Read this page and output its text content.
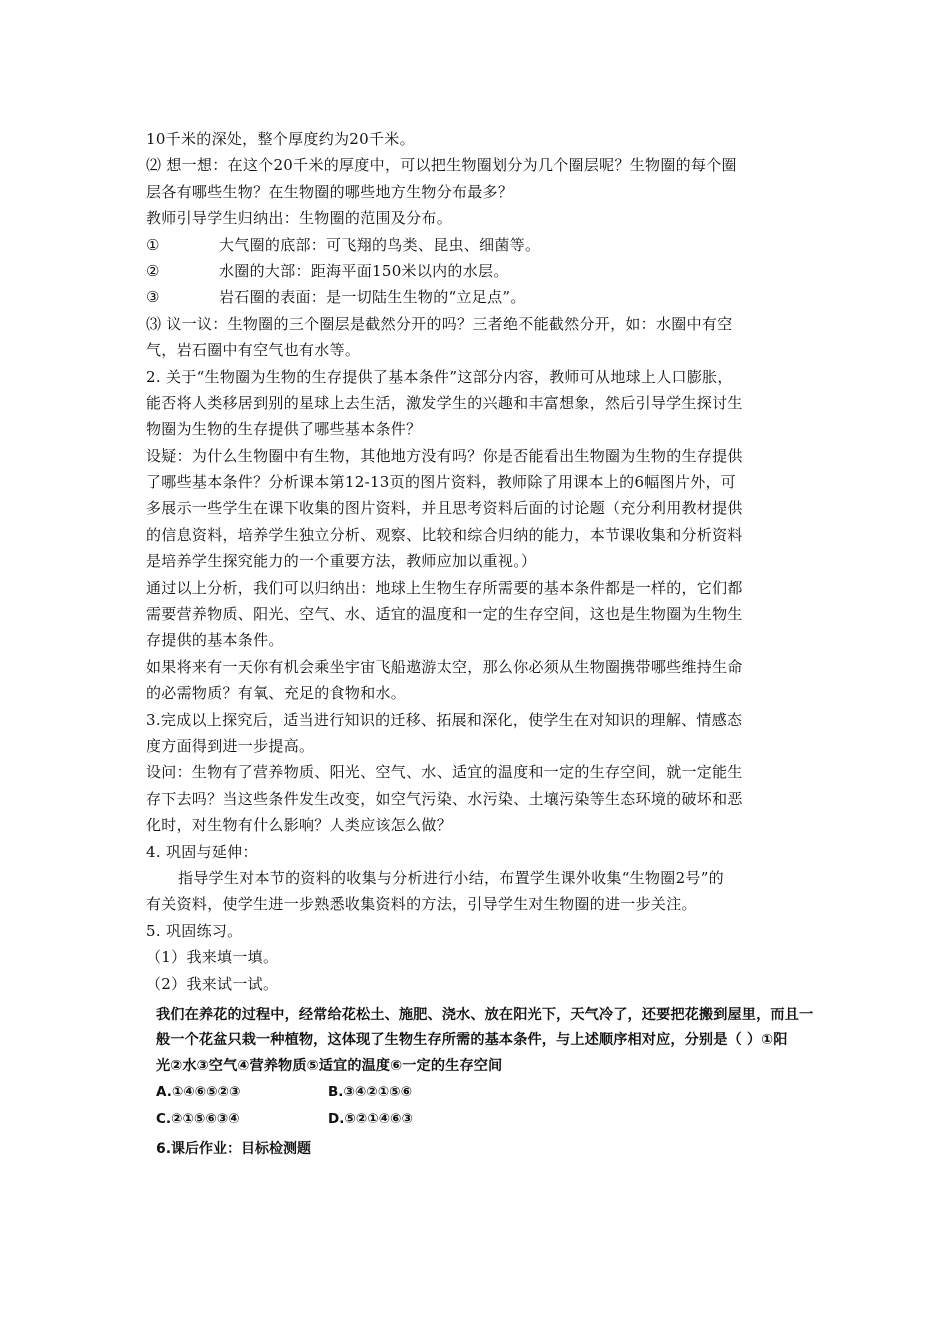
10千米的深处，整个厚度约为20千米。
⑵ 想一想：在这个20千米的厚度中，可以把生物圈划分为几个圈层呢？生物圈的每个圈
层各有哪些生物？在生物圈的哪些地方生物分布最多？
教师引导学生归纳出：生物圈的范围及分布。
①	大气圈的底部：可飞翔的鸟类、昆虫、细菌等。
②	水圈的大部：距海平面150米以内的水层。
③	岩石圈的表面：是一切陆生生物的“立足点”。
⑶ 议一议：生物圈的三个圈层是截然分开的吗？三者绝不能截然分开，如：水圈中有空
气，岩石圈中有空气也有水等。
2. 关于“生物圈为生物的生存提供了基本条件”这部分内容，教师可从地球上人口膨胀，
能否将人类移居到别的星球上去生活，激发学生的兴趣和丰富想象，然后引导学生探讨生
物圈为生物的生存提供了哪些基本条件？
设疑：为什么生物圈中有生物，其他地方没有吗？你是否能看出生物圈为生物的生存提供
了哪些基本条件？分析课本第12-13页的图片资料，教师除了用课本上的6幅图片外，可
多展示一些学生在课下收集的图片资料，并且思考资料后面的讨论题（充分利用教材提供
的信息资料，培养学生独立分析、观察、比较和综合归纳的能力，本节课收集和分析资料
是培养学生探究能力的一个重要方法，教师应加以重视。）
通过以上分析，我们可以归纳出：地球上生物生存所需要的基本条件都是一样的，它们都
需要营养物质、阳光、空气、水、适宜的温度和一定的生存空间，这也是生物圈为生物生
存提供的基本条件。
如果将来有一天你有机会乘坐宇宙飞船遨游太空，那么你必须从生物圈携带哪些维持生命
的必需物质？有氧、充足的食物和水。
3.完成以上探究后，适当进行知识的迁移、拓展和深化，使学生在对知识的理解、情感态
度方面得到进一步提高。
设问：生物有了营养物质、阳光、空气、水、适宜的温度和一定的生存空间，就一定能生
存下去吗？当这些条件发生改变，如空气污染、水污染、土壤污染等生态环境的破坏和恶
化时，对生物有什么影响？人类应该怎么做？
4. 巩固与延伸：
指导学生对本节的资料的收集与分析进行小结，布置学生课外收集“生物圈2号”的
有关资料，使学生进一步熟悉收集资料的方法，引导学生对生物圈的进一步关注。
5. 巩固练习。
（1）我来填一填。
（2）我来试一试。
我们在养花的过程中，经常给花松土、施肥、浇水、放在阳光下，天气冷了，还要把花搬到屋里，而且一
般一个花盆只栽一种植物，这体现了生物生存所需的基本条件，与上述顺序相对应，分别是（ ）①阳
光②水③空气④营养物质⑤适宜的温度⑥一定的生存空间
A.①④⑥⑤②③	B.③④②①⑤⑥
C.②①⑤⑥③④	D.⑤②①④⑥③
6.课后作业：目标检测题
